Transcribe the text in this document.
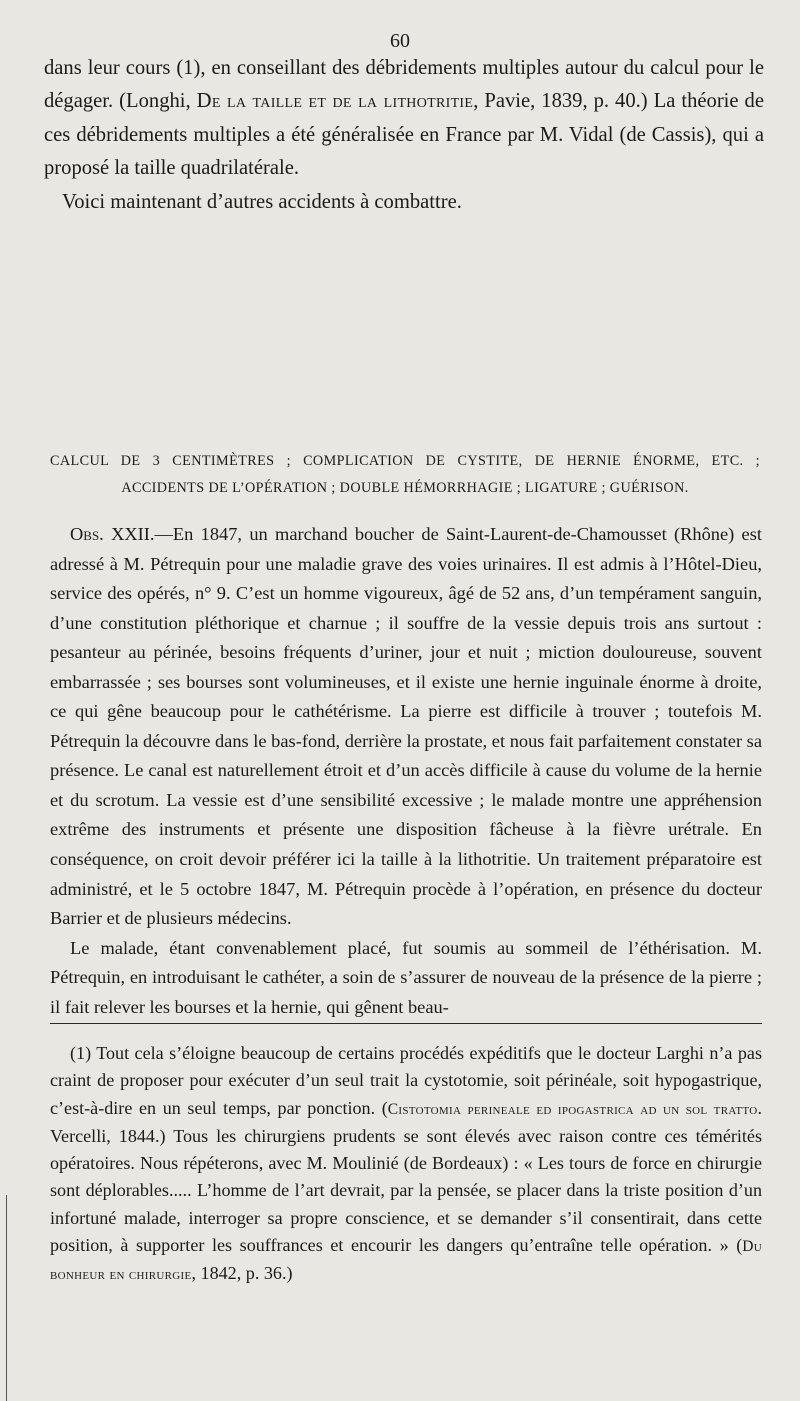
60

dans leur cours (1), en conseillant des débridements multiples autour du calcul pour le dégager. (Longhi, De la taille et de la lithotritie, Pavie, 1839, p. 40.) La théorie de ces débridements multiples a été généralisée en France par M. Vidal (de Cassis), qui a proposé la taille quadrilatérale.
Voici maintenant d’autres accidents à combattre.

CALCUL DE 3 CENTIMÈTRES ; COMPLICATION DE CYSTITE, DE HERNIE ÉNORME, ETC. ;
ACCIDENTS DE L’OPÉRATION ; DOUBLE HÉMORRHAGIE ; LIGATURE ; GUÉRISON.

Obs. XXII.—En 1847, un marchand boucher de Saint-Laurent-de-Chamousset (Rhône) est adressé à M. Pétrequin pour une maladie grave des voies urinaires. Il est admis à l’Hôtel-Dieu, service des opérés, n° 9. C’est un homme vigoureux, âgé de 52 ans, d’un tempérament sanguin, d’une constitution pléthorique et charnue ; il souffre de la vessie depuis trois ans surtout : pesanteur au périnée, besoins fréquents d’uriner, jour et nuit ; miction douloureuse, souvent embarrassée ; ses bourses sont volumineuses, et il existe une hernie inguinale énorme à droite, ce qui gêne beaucoup pour le cathétérisme. La pierre est difficile à trouver ; toutefois M. Pétrequin la découvre dans le bas-fond, derrière la prostate, et nous fait parfaitement constater sa présence. Le canal est naturellement étroit et d’un accès difficile à cause du volume de la hernie et du scrotum. La vessie est d’une sensibilité excessive ; le malade montre une appréhension extrême des instruments et présente une disposition fâcheuse à la fièvre urétrale. En conséquence, on croit devoir préférer ici la taille à la lithotritie. Un traitement préparatoire est administré, et le 5 octobre 1847, M. Pétrequin procède à l’opération, en présence du docteur Barrier et de plusieurs médecins.

Le malade, étant convenablement placé, fut soumis au sommeil de l’éthérisation. M. Pétrequin, en introduisant le cathéter, a soin de s’assurer de nouveau de la présence de la pierre ; il fait relever les bourses et la hernie, qui gênent beau-

(1) Tout cela s’éloigne beaucoup de certains procédés expéditifs que le docteur Larghi n’a pas craint de proposer pour exécuter d’un seul trait la cystotomie, soit périnéale, soit hypogastrique, c’est-à-dire en un seul temps, par ponction. (Cistotomia perineale ed ipogastrica ad un sol tratto. Vercelli, 1844.) Tous les chirurgiens prudents se sont élevés avec raison contre ces témérités opératoires. Nous répéterons, avec M. Moulinié (de Bordeaux) : « Les tours de force en chirurgie sont déplorables..... L’homme de l’art devrait, par la pensée, se placer dans la triste position d’un infortuné malade, interroger sa propre conscience, et se demander s’il consentirait, dans cette position, à supporter les souffrances et encourir les dangers qu’entraîne telle opération. » (Du bonheur en chirurgie, 1842, p. 36.)
